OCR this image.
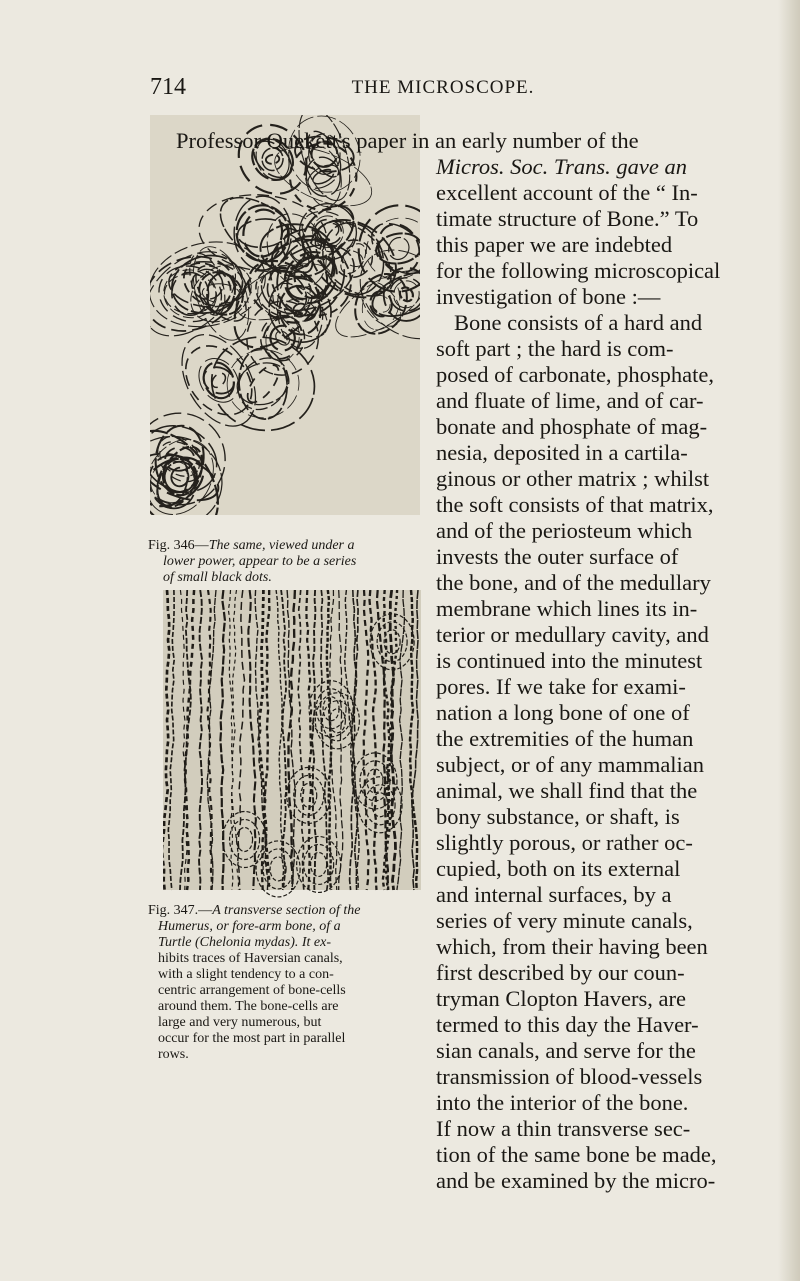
714	THE MICROSCOPE.
Fig. 346—The same, viewed under a
lower power, appear to be a series
of small black dots.
Fig. 347.—A transverse section of the
Humerus, or fore-arm bone, of a
Turtle (Chelonia mydas). It ex-
hibits traces of Haversian canals,
with a slight tendency to a con-
centric arrangement of bone-cells
around them. The bone-cells are
large and very numerous, but
occur for the most part in parallel
rows.
Professor Quekett's paper in an early number of the
Micros. Soc. Trans. gave an
excellent account of the “ In-
timate structure of Bone.” To
this paper we are indebted
for the following microscopical
investigation of bone :—
Bone consists of a hard and
soft part ; the hard is com-
posed of carbonate, phosphate,
and fluate of lime, and of car-
bonate and phosphate of mag-
nesia, deposited in a cartila-
ginous or other matrix ; whilst
the soft consists of that matrix,
and of the periosteum which
invests the outer surface of
the bone, and of the medullary
membrane which lines its in-
terior or medullary cavity, and
is continued into the minutest
pores. If we take for exami-
nation a long bone of one of
the extremities of the human
subject, or of any mammalian
animal, we shall find that the
bony substance, or shaft, is
slightly porous, or rather oc-
cupied, both on its external
and internal surfaces, by a
series of very minute canals,
which, from their having been
first described by our coun-
tryman Clopton Havers, are
termed to this day the Haver-
sian canals, and serve for the
transmission of blood-vessels
into the interior of the bone.
If now a thin transverse sec-
tion of the same bone be made,
and be examined by the micro-
